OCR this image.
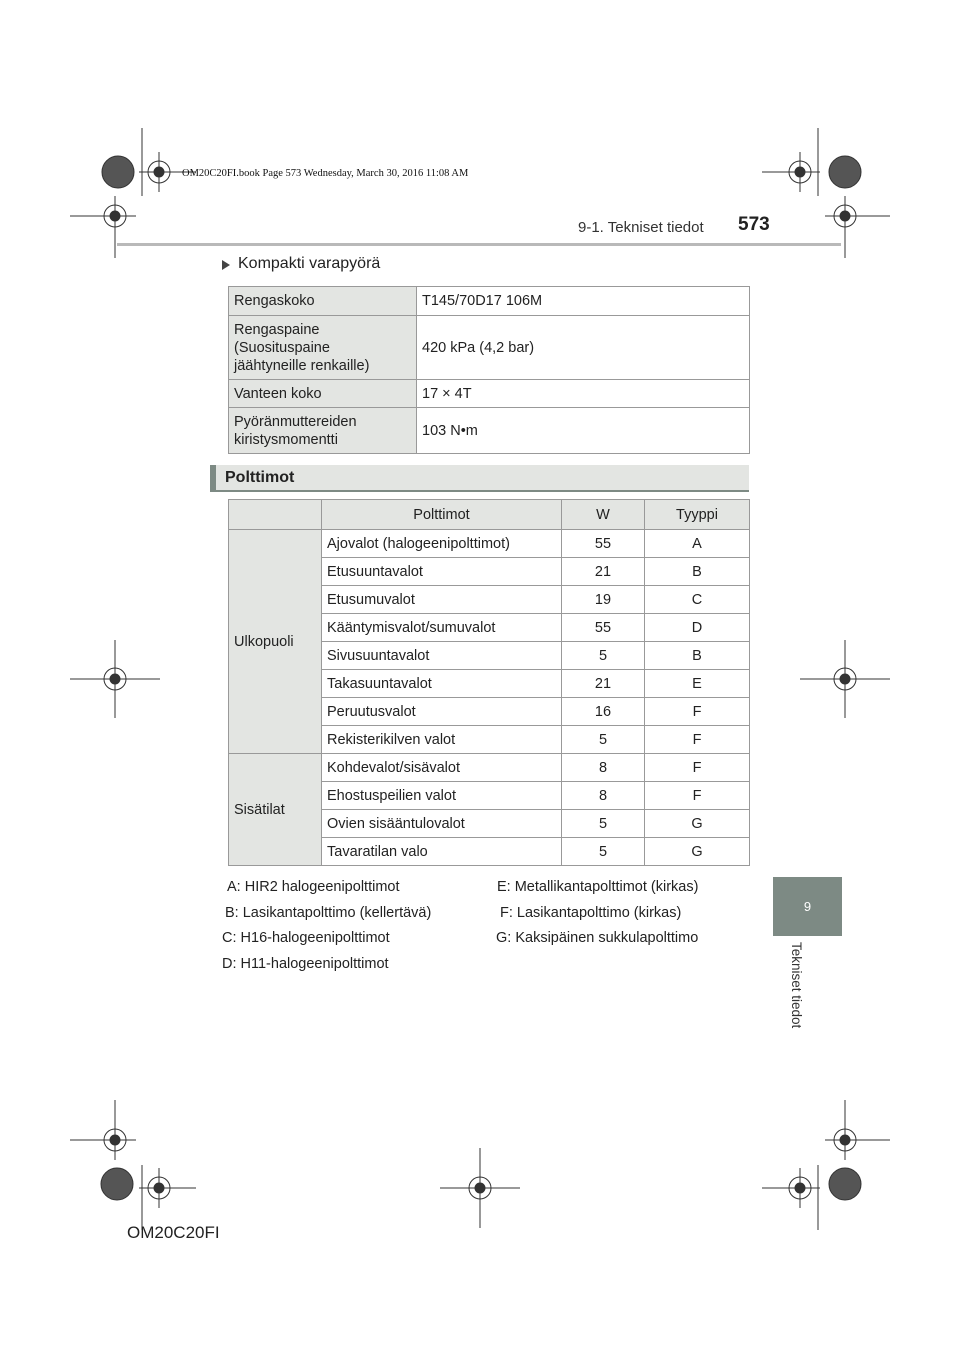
OM20C20FI.book Page 573 Wednesday, March 30, 2016 11:08 AM
9-1. Tekniset tiedot 573
9
Tekniset tiedot
Kompakti varapyörä
Rengaskoko	T145/70D17 106M
Rengaspaine
(Suosituspaine
jäähtyneille renkaille)	420 kPa (4,2 bar)
Vanteen koko	17 × 4T
Pyöränmuttereiden
kiristysmomentti	103 N•m
Polttimot
	Polttimot	W	Tyyppi
Ulkopuoli	Ajovalot (halogeenipolttimot)	55	A
	Etusuuntavalot	21	B
	Etusumuvalot	19	C
	Kääntymisvalot/sumuvalot	55	D
	Sivusuuntavalot	5	B
	Takasuuntavalot	21	E
	Peruutusvalot	16	F
	Rekisterikilven valot	5	F
Sisätilat	Kohdevalot/sisävalot	8	F
	Ehostuspeilien valot	8	F
	Ovien sisääntulovalot	5	G
	Tavaratilan valo	5	G
A: HIR2 halogeenipolttimot
B: Lasikantapolttimo (kellertävä)
C: H16-halogeenipolttimot
D: H11-halogeenipolttimot
E: Metallikantapolttimot (kirkas)
F: Lasikantapolttimo (kirkas)
G: Kaksipäinen sukkulapolttimo
OM20C20FI
